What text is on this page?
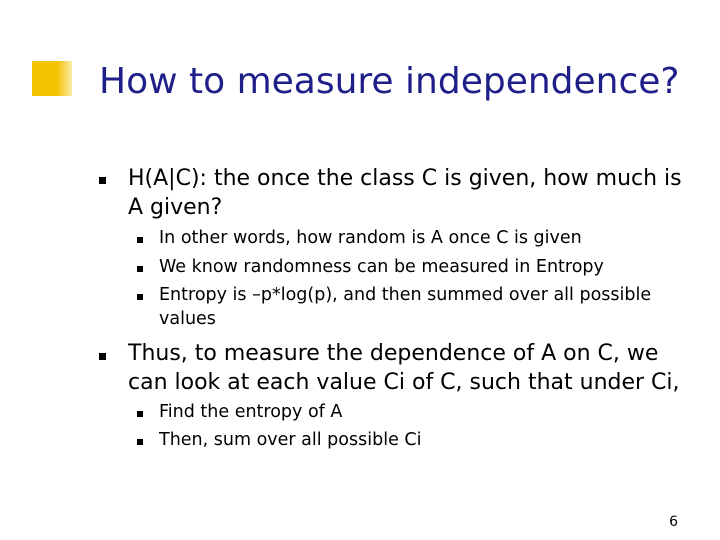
How to measure independence?

H(A|C): the once the class C is given, how much is A given?

In other words, how random is A once C is given

We know randomness can be measured in Entropy

Entropy is –p*log(p), and then summed over all possible values

Thus, to measure the dependence of A on C, we can look at each value Ci of C, such that under Ci,

Find the entropy of A

Then, sum over all possible Ci

6
